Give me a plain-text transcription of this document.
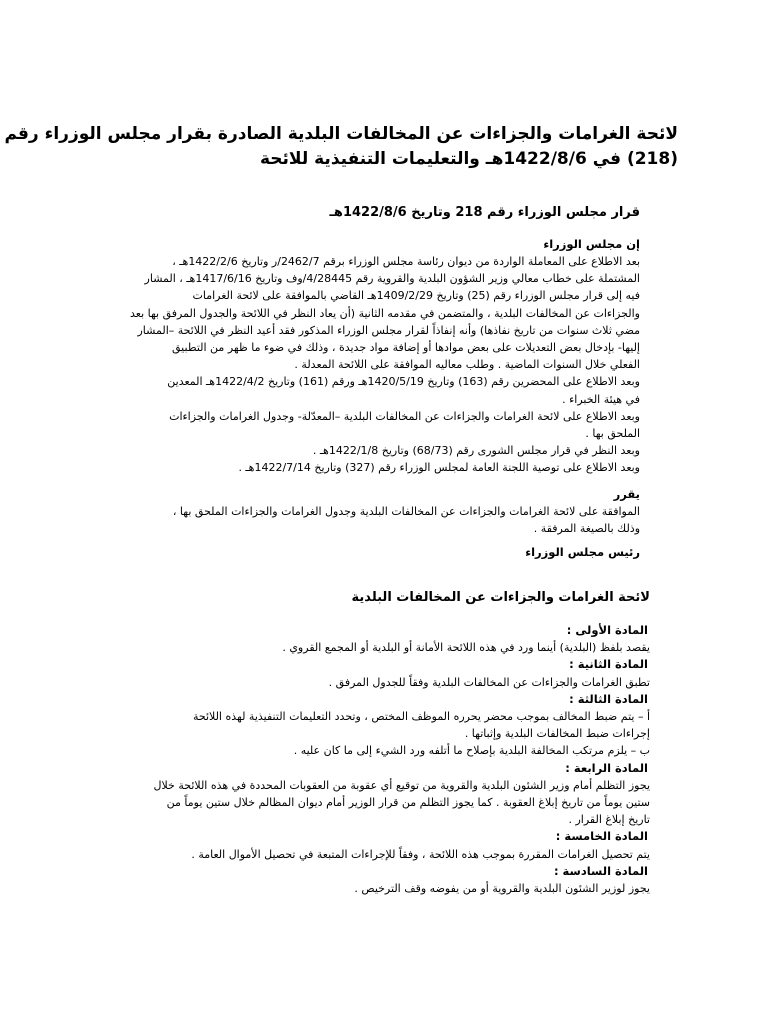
لائحة الغرامات والجزاءات عن المخالفات البلدية الصادرة بقرار مجلس الوزراء رقم
(218) في 1422/8/6هـ والتعليمات التنفيذية للائحة
قرار مجلس الوزراء رقم 218 وتاريخ 1422/8/6هـ
إن مجلس الوزراء
بعد الاطلاع على المعاملة الواردة من ديوان رئاسة مجلس الوزراء برقم 2462/7/ر وتاريخ 1422/2/6هـ ،
المشتملة على خطاب معالي وزير الشؤون البلدية والقروية رقم 4/28445/وف وتاريخ 1417/6/16هـ ، المشار
فيه إلى قرار مجلس الوزراء رقم (25) وتاريخ 1409/2/29هـ القاضي بالموافقة على لائحة الغرامات
والجزاءات عن المخالفات البلدية ، والمتضمن في مقدمه الثانية (أن يعاد النظر في اللائحة والجدول المرفق بها بعد
مضي ثلاث سنوات من تاريخ نفاذها) وأنه إنفاذاً لقرار مجلس الوزراء المذكور فقد أعيد النظر في اللائحة –المشار
إليها- بإدخال بعض التعديلات على بعض موادها أو إضافة مواد جديدة ، وذلك في ضوء ما ظهر من التطبيق
الفعلي خلال السنوات الماضية . وطلب معاليه الموافقة على اللائحة المعدلة .
وبعد الاطلاع على المحضرين رقم (163) وتاريخ 1420/5/19هـ ورقم (161) وتاريخ 1422/4/2هـ المعدين
في هيئة الخبراء .
وبعد الاطلاع على لائحة الغرامات والجزاءات عن المخالفات البلدية –المعدّلة- وجدول الغرامات والجزاءات
الملحق بها .
وبعد النظر في قرار مجلس الشورى رقم (68/73) وتاريخ 1422/1/8هـ .
وبعد الاطلاع على توصية اللجنة العامة لمجلس الوزراء رقم (327) وتاريخ 1422/7/14هـ .
يقرر
الموافقة على لائحة الغرامات والجزاءات عن المخالفات البلدية وجدول الغرامات والجزاءات الملحق بها ،
وذلك بالصيغة المرفقة .
رئيس مجلس الوزراء
لائحة الغرامات والجزاءات عن المخالفات البلدية
المادة الأولى :
يقصد بلفظ (البلدية) أينما ورد في هذه اللائحة الأمانة أو البلدية أو المجمع القروي .
المادة الثانية :
تطبق الغرامات والجزاءات عن المخالفات البلدية وفقاً للجدول المرفق .
المادة الثالثة :
أ – يتم ضبط المخالف بموجب محضر يحرره الموظف المختص ، وتحدد التعليمات التنفيذية لهذه اللائحة
إجراءات ضبط المخالفات البلدية وإثباتها .
ب – يلزم مرتكب المخالفة البلدية بإصلاح ما أتلفه ورد الشيء إلى ما كان عليه .
المادة الرابعة :
يجوز التظلم أمام وزير الشئون البلدية والقروية من توقيع أي عقوبة من العقوبات المحددة في هذه اللائحة خلال
ستين يوماً من تاريخ إبلاغ العقوبة . كما يجوز التظلم من قرار الوزير أمام ديوان المظالم خلال ستين يوماً من
تاريخ إبلاغ القرار .
المادة الخامسة :
يتم تحصيل الغرامات المقررة بموجب هذه اللائحة ، وفقاً للإجراءات المتبعة في تحصيل الأموال العامة .
المادة السادسة :
يجوز لوزير الشئون البلدية والقروية أو من يفوضه وقف الترخيص .
